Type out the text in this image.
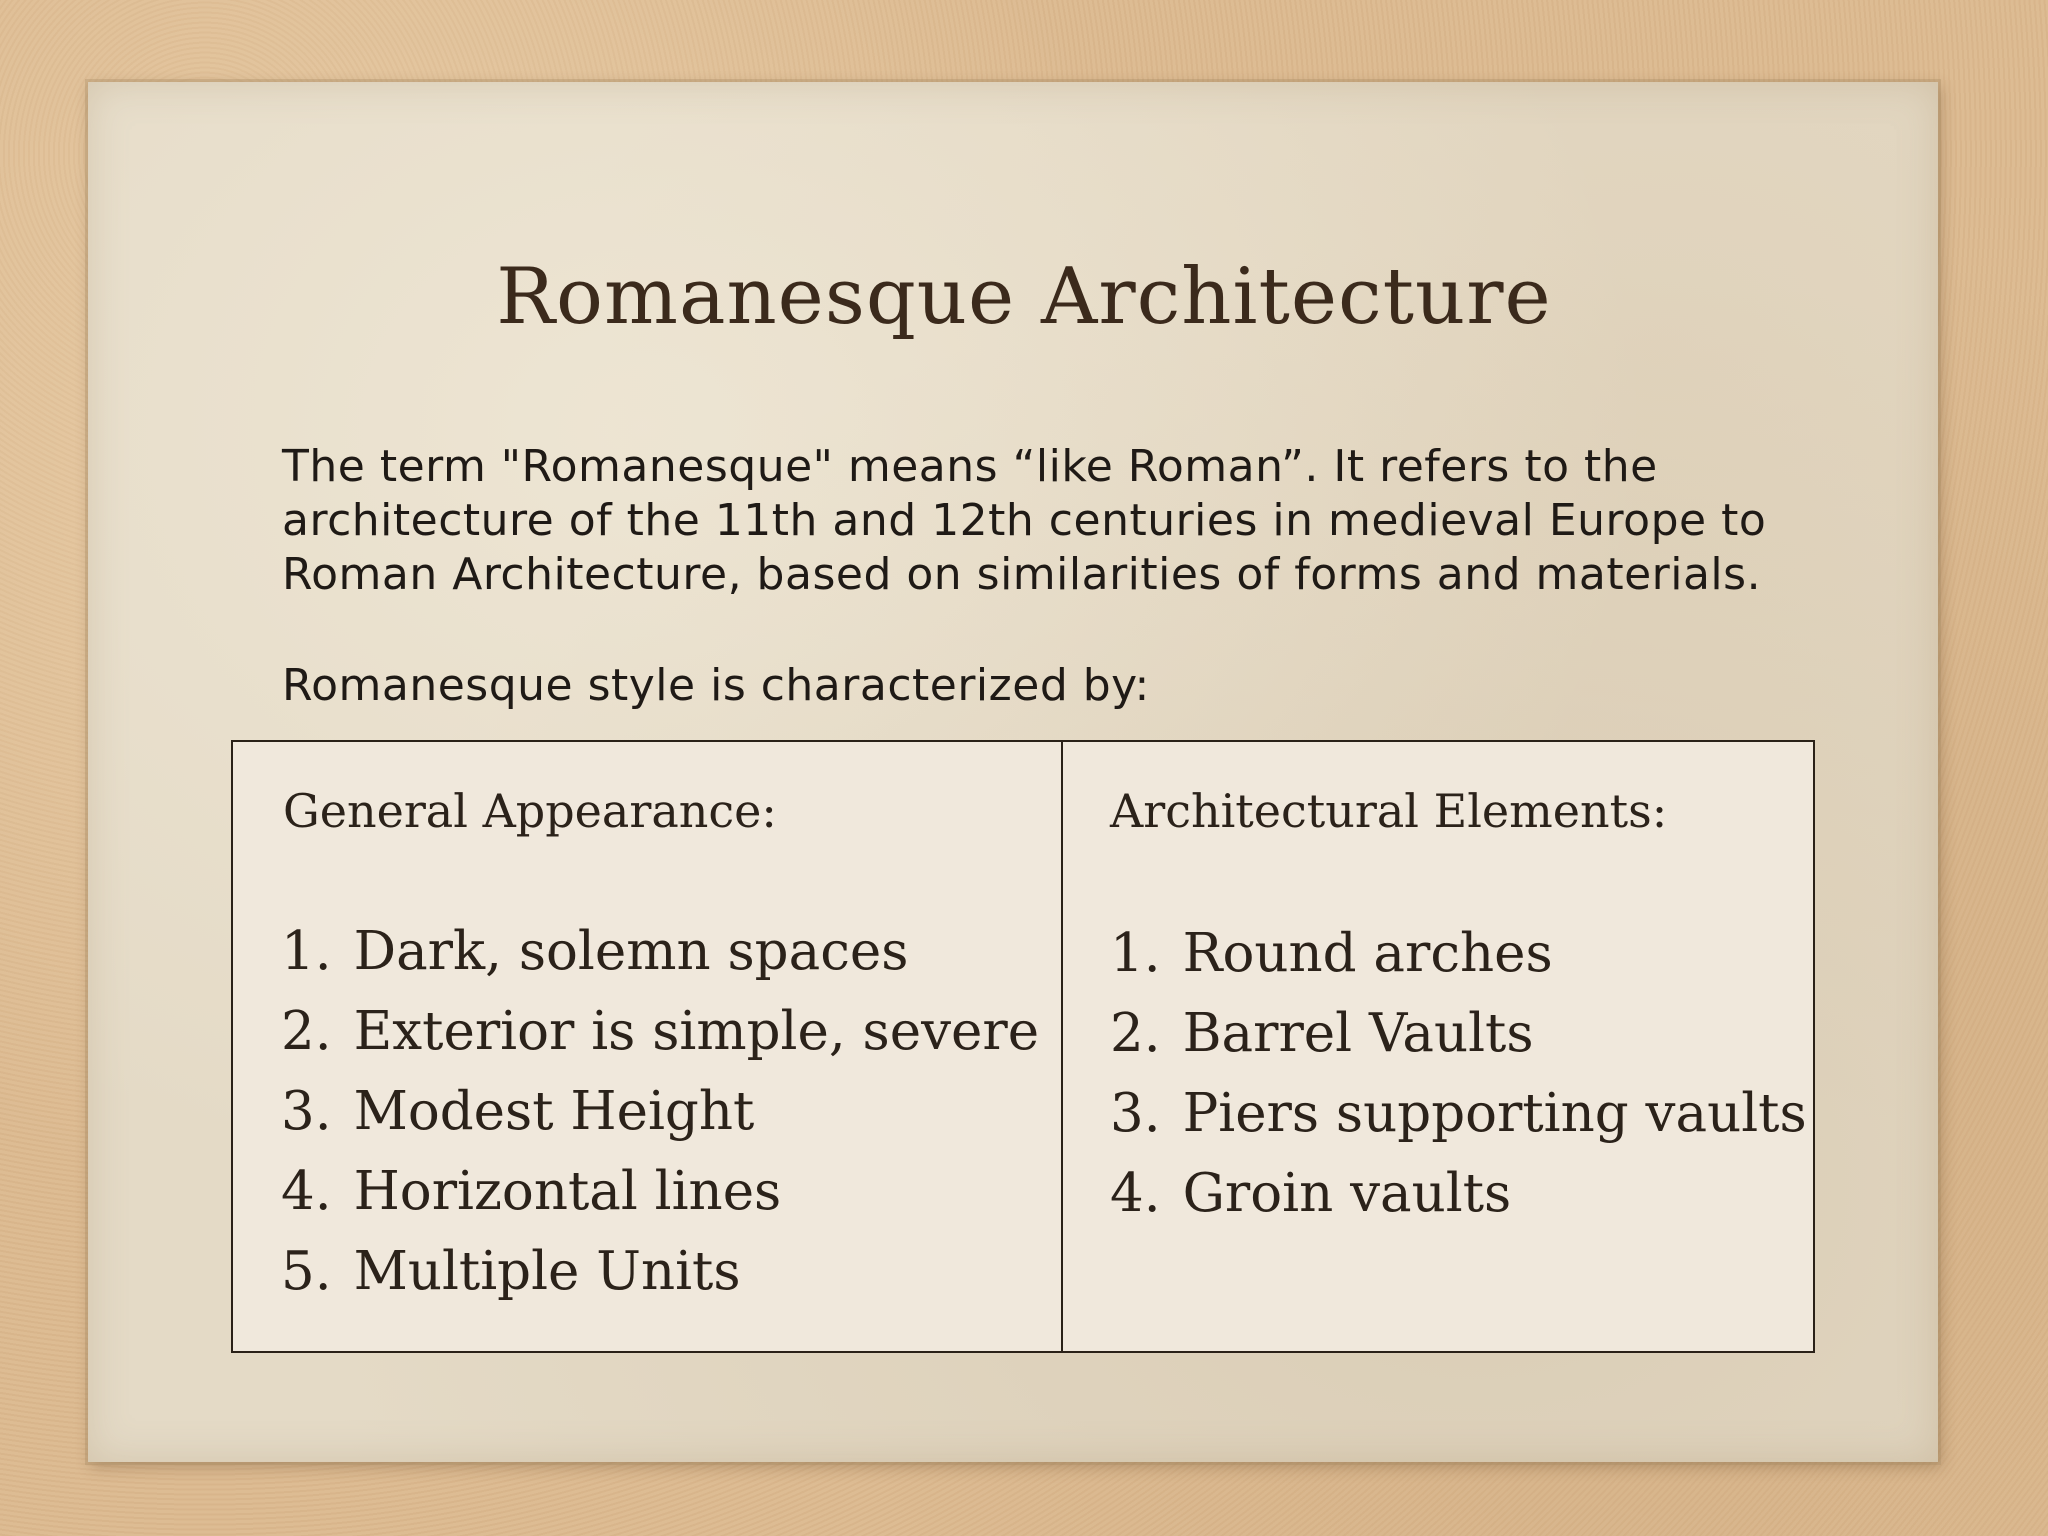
Romanesque Architecture

The term "Romanesque" means “like Roman”. It refers to the

architecture of the 11th and 12th centuries in medieval Europe to

Roman Architecture, based on similarities of forms and materials.

Romanesque style is characterized by:
General Appearance:
1. Dark, solemn spaces
2. Exterior is simple, severe
3. Modest Height
4. Horizontal lines
5. Multiple Units
Architectural Elements:
1. Round arches
2. Barrel Vaults
3. Piers supporting vaults
4. Groin vaults
